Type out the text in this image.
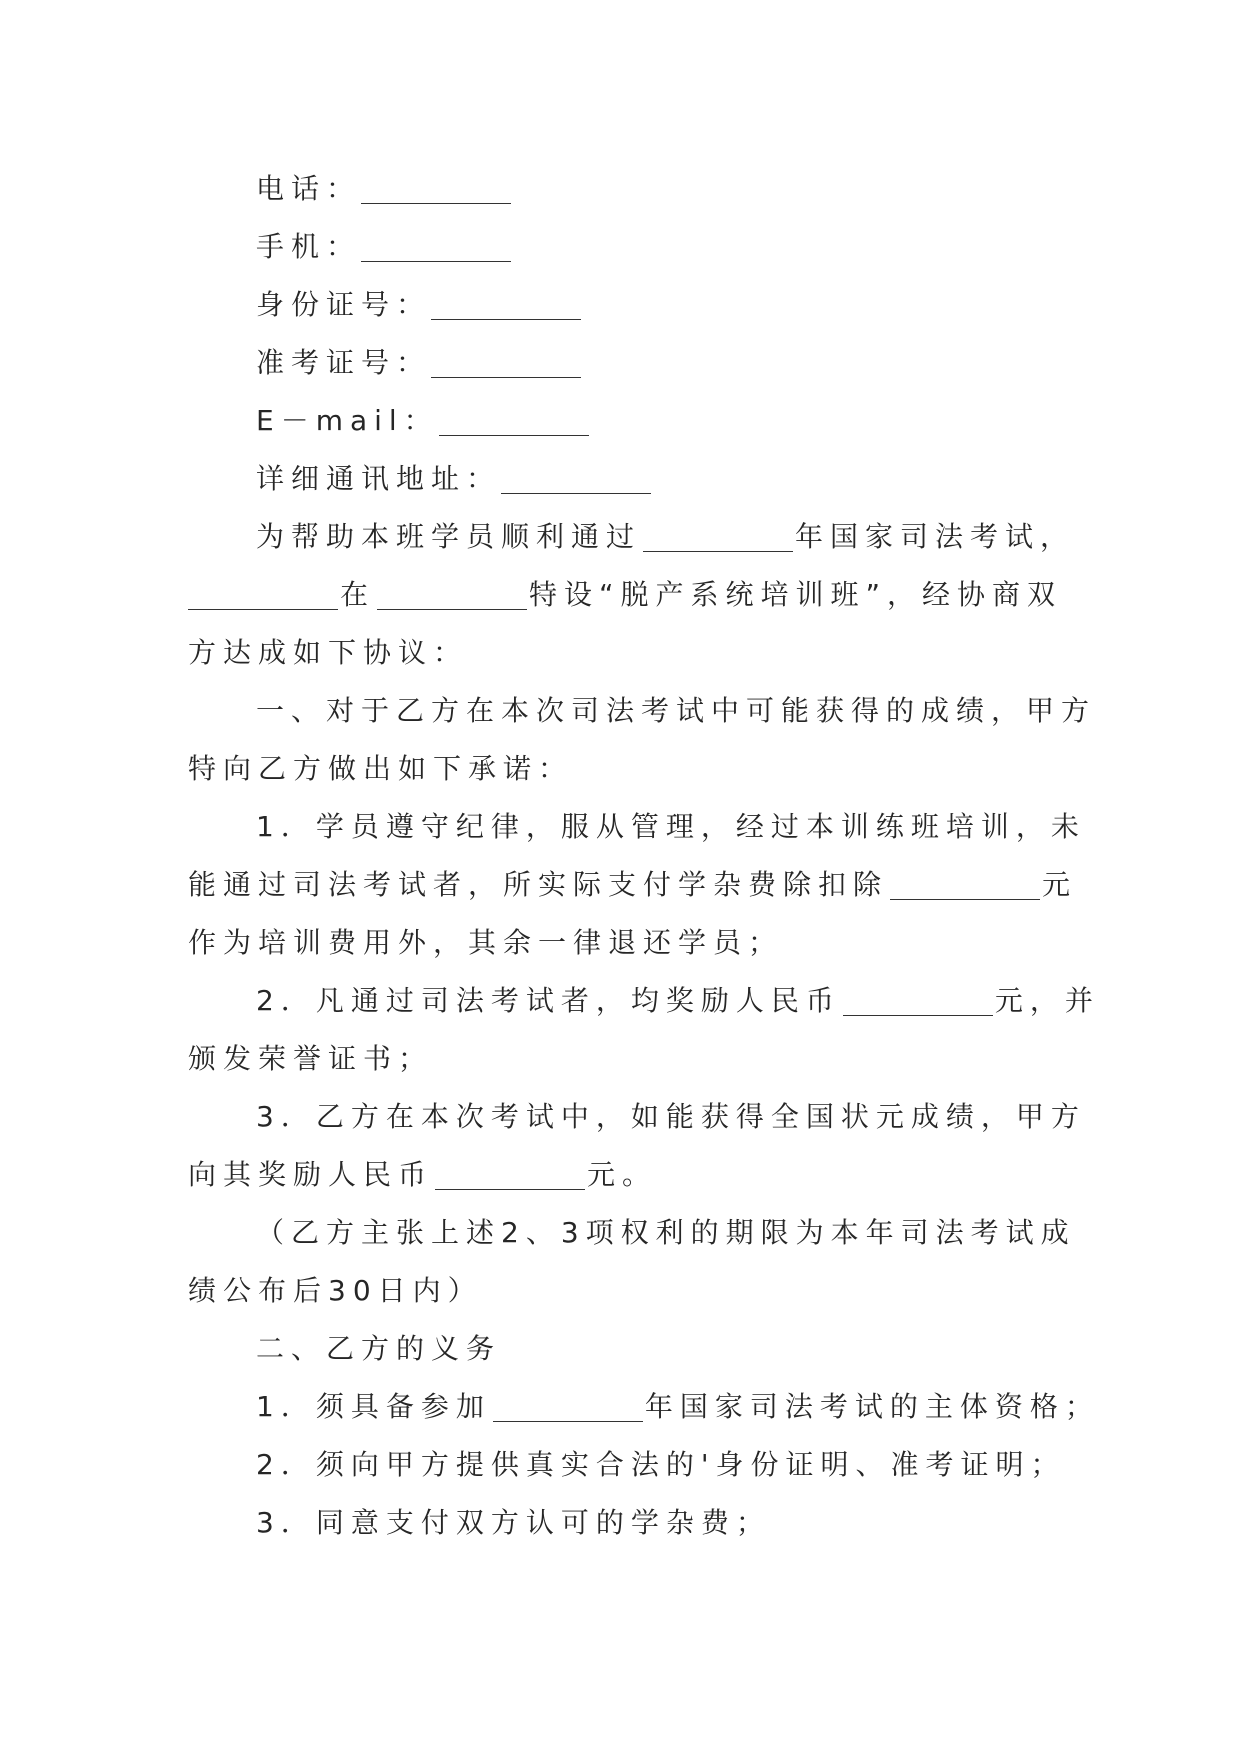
电话：
手机：
身份证号：
准考证号：
E－mail：
详细通讯地址：
为帮助本班学员顺利通过	年国家司法考试，
在	特设“脱产系统培训班”，经协商双
方达成如下协议：
一、对于乙方在本次司法考试中可能获得的成绩，甲方
特向乙方做出如下承诺：
1．学员遵守纪律，服从管理，经过本训练班培训，未
能通过司法考试者，所实际支付学杂费除扣除	元
作为培训费用外，其余一律退还学员；
2．凡通过司法考试者，均奖励人民币	元，并
颁发荣誉证书；
3．乙方在本次考试中，如能获得全国状元成绩，甲方
向其奖励人民币	元。
（乙方主张上述2、3项权利的期限为本年司法考试成
绩公布后30日内）
二、乙方的义务
1．须具备参加	年国家司法考试的主体资格；
2．须向甲方提供真实合法的'身份证明、准考证明；
3．同意支付双方认可的学杂费；
